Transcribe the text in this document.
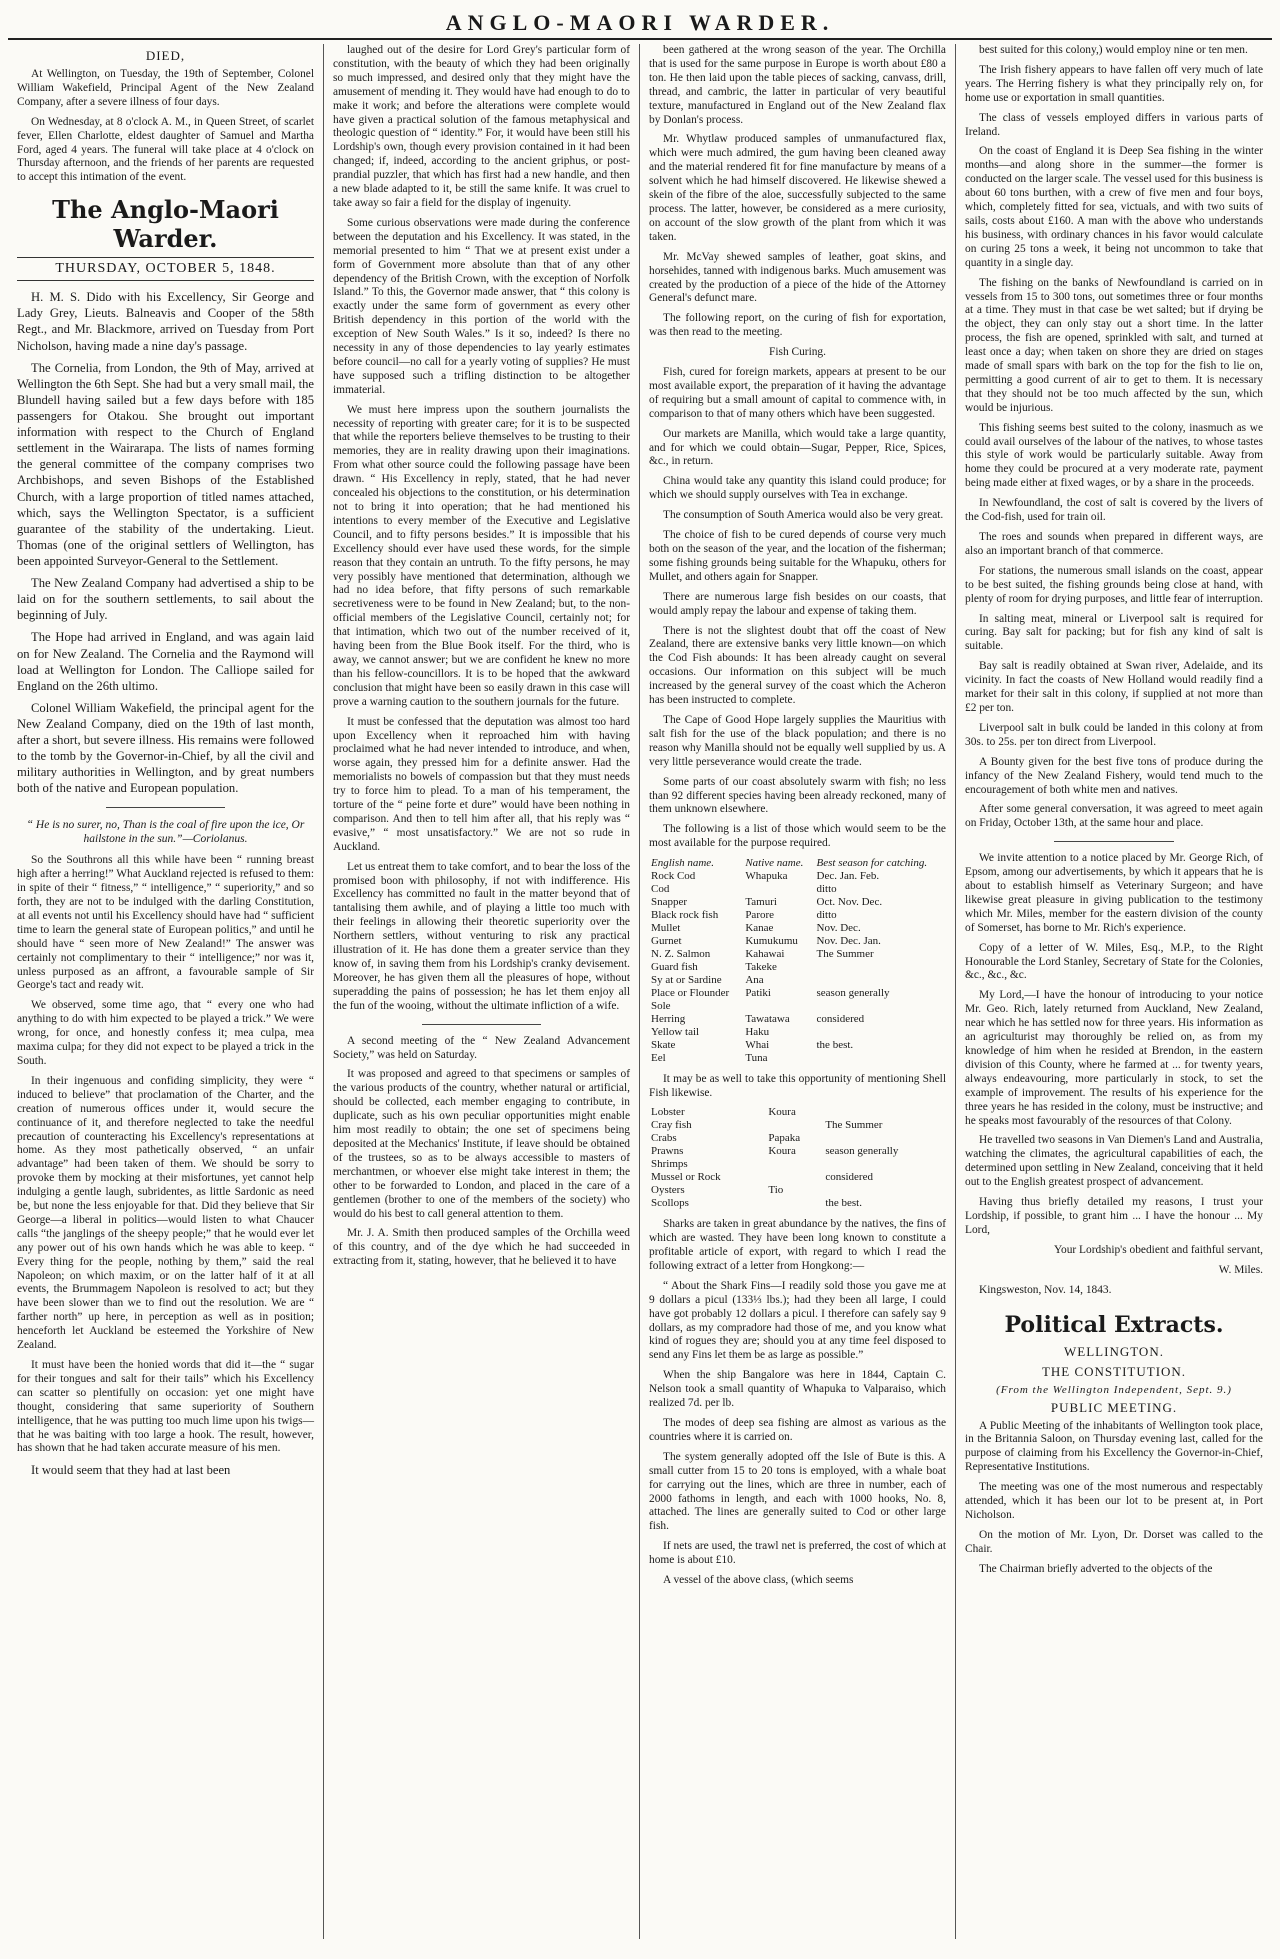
ANGLO-MAORI WARDER.
DIED,

At Wellington, on Tuesday, the 19th of September, Colonel William Wakefield, Principal Agent of the New Zealand Company, after a severe illness of four days.

On Wednesday, at 8 o'clock A. M., in Queen Street, of scarlet fever, Ellen Charlotte, eldest daughter of Samuel and Martha Ford, aged 4 years. The funeral will take place at 4 o'clock on Thursday afternoon, and the friends of her parents are requested to accept this intimation of the event.

The Anglo-Maori Warder.
THURSDAY, OCTOBER 5, 1848.

H. M. S. Dido with his Excellency, Sir George and Lady Grey, Lieuts. Balneavis and Cooper of the 58th Regt., and Mr. Blackmore, arrived on Tuesday from Port Nicholson, having made a nine day's passage.

The Cornelia, from London, the 9th of May, arrived at Wellington the 6th Sept. She had but a very small mail, the Blundell having sailed but a few days before with 185 passengers for Otakou. She brought out important information with respect to the Church of England settlement in the Wairarapa. The lists of names forming the general committee of the company comprises two Archbishops, and seven Bishops of the Established Church, with a large proportion of titled names attached, which, says the Wellington Spectator, is a sufficient guarantee of the stability of the undertaking. Lieut. Thomas (one of the original settlers of Wellington, has been appointed Surveyor-General to the Settlement.

The New Zealand Company had advertised a ship to be laid on for the southern settlements, to sail about the beginning of July.

The Hope had arrived in England, and was again laid on for New Zealand. The Cornelia and the Raymond will load at Wellington for London. The Calliope sailed for England on the 26th ultimo.

Colonel William Wakefield, the principal agent for the New Zealand Company, died on the 19th of last month, after a short, but severe illness. His remains were followed to the tomb by the Governor-in-Chief, by all the civil and military authorities in Wellington, and by great numbers both of the native and European population.

“ He is no surer, no, Than is the coal of fire upon the ice, Or hailstone in the sun.”—Coriolanus.

So the Southrons all this while have been “ running breast high after a herring!” What Auckland rejected is refused to them: in spite of their “ fitness,” “ intelligence,” “ superiority,” and so forth, they are not to be indulged with the darling Constitution, at all events not until his Excellency should have had “ sufficient time to learn the general state of European politics,” and until he should have “ seen more of New Zealand!” The answer was certainly not complimentary to their “ intelligence;” nor was it, unless purposed as an affront, a favourable sample of Sir George's tact and ready wit.

We observed, some time ago, that “ every one who had anything to do with him expected to be played a trick.” We were wrong, for once, and honestly confess it; mea culpa, mea maxima culpa; for they did not expect to be played a trick in the South.

In their ingenuous and confiding simplicity, they were “ induced to believe” that proclamation of the Charter, and the creation of numerous offices under it, would secure the continuance of it, and therefore neglected to take the needful precaution of counteracting his Excellency's representations at home. As they most pathetically observed, “ an unfair advantage” had been taken of them. We should be sorry to provoke them by mocking at their misfortunes, yet cannot help indulging a gentle laugh, subridentes, as little Sardonic as need be, but none the less enjoyable for that. Did they believe that Sir George—a liberal in politics—would listen to what Chaucer calls “the janglings of the sheepy people;” that he would ever let any power out of his own hands which he was able to keep. “ Every thing for the people, nothing by them,” said the real Napoleon; on which maxim, or on the latter half of it at all events, the Brummagem Napoleon is resolved to act; but they have been slower than we to find out the resolution. We are “ farther north” up here, in perception as well as in position; henceforth let Auckland be esteemed the Yorkshire of New Zealand.

It must have been the honied words that did it—the “ sugar for their tongues and salt for their tails” which his Excellency can scatter so plentifully on occasion: yet one might have thought, considering that same superiority of Southern intelligence, that he was putting too much lime upon his twigs—that he was baiting with too large a hook. The result, however, has shown that he had taken accurate measure of his men.

It would seem that they had at last been

laughed out of the desire for Lord Grey's particular form of constitution, with the beauty of which they had been originally so much impressed, and desired only that they might have the amusement of mending it. They would have had enough to do to make it work; and before the alterations were complete would have given a practical solution of the famous metaphysical and theologic question of “ identity.” For, it would have been still his Lordship's own, though every provision contained in it had been changed; if, indeed, according to the ancient griphus, or post-prandial puzzler, that which has first had a new handle, and then a new blade adapted to it, be still the same knife. It was cruel to take away so fair a field for the display of ingenuity.

Some curious observations were made during the conference between the deputation and his Excellency. It was stated, in the memorial presented to him “ That we at present exist under a form of Government more absolute than that of any other dependency of the British Crown, with the exception of Norfolk Island.” To this, the Governor made answer, that “ this colony is exactly under the same form of government as every other British dependency in this portion of the world with the exception of New South Wales.” Is it so, indeed? Is there no necessity in any of those dependencies to lay yearly estimates before council—no call for a yearly voting of supplies? He must have supposed such a trifling distinction to be altogether immaterial.

We must here impress upon the southern journalists the necessity of reporting with greater care; for it is to be suspected that while the reporters believe themselves to be trusting to their memories, they are in reality drawing upon their imaginations. From what other source could the following passage have been drawn. “ His Excellency in reply, stated, that he had never concealed his objections to the constitution, or his determination not to bring it into operation; that he had mentioned his intentions to every member of the Executive and Legislative Council, and to fifty persons besides.” It is impossible that his Excellency should ever have used these words, for the simple reason that they contain an untruth. To the fifty persons, he may very possibly have mentioned that determination, although we had no idea before, that fifty persons of such remarkable secretiveness were to be found in New Zealand; but, to the non-official members of the Legislative Council, certainly not; for that intimation, which two out of the number received of it, having been from the Blue Book itself. For the third, who is away, we cannot answer; but we are confident he knew no more than his fellow-councillors. It is to be hoped that the awkward conclusion that might have been so easily drawn in this case will prove a warning caution to the southern journals for the future.

It must be confessed that the deputation was almost too hard upon Excellency when it reproached him with having proclaimed what he had never intended to introduce, and when, worse again, they pressed him for a definite answer. Had the memorialists no bowels of compassion but that they must needs try to force him to plead. To a man of his temperament, the torture of the “ peine forte et dure” would have been nothing in comparison. And then to tell him after all, that his reply was “ evasive,” “ most unsatisfactory.” We are not so rude in Auckland.

Let us entreat them to take comfort, and to bear the loss of the promised boon with philosophy, if not with indifference. His Excellency has committed no fault in the matter beyond that of tantalising them awhile, and of playing a little too much with their feelings in allowing their theoretic superiority over the Northern settlers, without venturing to risk any practical illustration of it. He has done them a greater service than they know of, in saving them from his Lordship's cranky devisement. Moreover, he has given them all the pleasures of hope, without superadding the pains of possession; he has let them enjoy all the fun of the wooing, without the ultimate infliction of a wife.

A second meeting of the “ New Zealand Advancement Society,” was held on Saturday.

It was proposed and agreed to that specimens or samples of the various products of the country, whether natural or artificial, should be collected, each member engaging to contribute, in duplicate, such as his own peculiar opportunities might enable him most readily to obtain; the one set of specimens being deposited at the Mechanics' Institute, if leave should be obtained of the trustees, so as to be always accessible to masters of merchantmen, or whoever else might take interest in them; the other to be forwarded to London, and placed in the care of a gentlemen (brother to one of the members of the society) who would do his best to call general attention to them.

Mr. J. A. Smith then produced samples of the Orchilla weed of this country, and of the dye which he had succeeded in extracting from it, stating, however, that he believed it to have

been gathered at the wrong season of the year. The Orchilla that is used for the same purpose in Europe is worth about £80 a ton. He then laid upon the table pieces of sacking, canvass, drill, thread, and cambric, the latter in particular of very beautiful texture, manufactured in England out of the New Zealand flax by Donlan's process.

Mr. Whytlaw produced samples of unmanufactured flax, which were much admired, the gum having been cleaned away and the material rendered fit for fine manufacture by means of a solvent which he had himself discovered. He likewise shewed a skein of the fibre of the aloe, successfully subjected to the same process. The latter, however, be considered as a mere curiosity, on account of the slow growth of the plant from which it was taken.

Mr. McVay shewed samples of leather, goat skins, and horsehides, tanned with indigenous barks. Much amusement was created by the production of a piece of the hide of the Attorney General's defunct mare.

The following report, on the curing of fish for exportation, was then read to the meeting.

Fish Curing.

Fish, cured for foreign markets, appears at present to be our most available export, the preparation of it having the advantage of requiring but a small amount of capital to commence with, in comparison to that of many others which have been suggested.

Our markets are Manilla, which would take a large quantity, and for which we could obtain—Sugar, Pepper, Rice, Spices, &c., in return.

China would take any quantity this island could produce; for which we should supply ourselves with Tea in exchange.

The consumption of South America would also be very great.

The choice of fish to be cured depends of course very much both on the season of the year, and the location of the fisherman; some fishing grounds being suitable for the Whapuku, others for Mullet, and others again for Snapper.

There are numerous large fish besides on our coasts, that would amply repay the labour and expense of taking them.

There is not the slightest doubt that off the coast of New Zealand, there are extensive banks very little known—on which the Cod Fish abounds: It has been already caught on several occasions. Our information on this subject will be much increased by the general survey of the coast which the Acheron has been instructed to complete.

The Cape of Good Hope largely supplies the Mauritius with salt fish for the use of the black population; and there is no reason why Manilla should not be equally well supplied by us. A very little perseverance would create the trade.

Some parts of our coast absolutely swarm with fish; no less than 92 different species having been already reckoned, many of them unknown elsewhere.

The following is a list of those which would seem to be the most available for the purpose required.

English name.	Native name.	Best season for catching.
Rock Cod	Whapuka	Dec. Jan. Feb.
Cod		ditto
Snapper	Tamuri	Oct. Nov. Dec.
Black rock fish	Parore	ditto
Mullet	Kanae	Nov. Dec.
Gurnet	Kumukumu	Nov. Dec. Jan.
N. Z. Salmon	Kahawai	The Summer
Guard fish	Takeke	
Sy at or Sardine	Ana	
Place or Flounder	Patiki	season generally
Sole		
Herring	Tawatawa	considered
Yellow tail	Haku	
Skate	Whai	the best.
Eel	Tuna	

It may be as well to take this opportunity of mentioning Shell Fish likewise.

Lobster	Koura	
Cray fish		The Summer
Crabs	Papaka	
Prawns	Koura	season generally
Shrimps		
Mussel or Rock		considered
Oysters	Tio	
Scollops		the best.

Sharks are taken in great abundance by the natives, the fins of which are wasted. They have been long known to constitute a profitable article of export, with regard to which I read the following extract of a letter from Hongkong:—

“ About the Shark Fins—I readily sold those you gave me at 9 dollars a picul (133⅓ lbs.); had they been all large, I could have got probably 12 dollars a picul. I therefore can safely say 9 dollars, as my compradore had those of me, and you know what kind of rogues they are; should you at any time feel disposed to send any Fins let them be as large as possible.”

When the ship Bangalore was here in 1844, Captain C. Nelson took a small quantity of Whapuka to Valparaiso, which realized 7d. per lb.

The modes of deep sea fishing are almost as various as the countries where it is carried on.

The system generally adopted off the Isle of Bute is this. A small cutter from 15 to 20 tons is employed, with a whale boat for carrying out the lines, which are three in number, each of 2000 fathoms in length, and each with 1000 hooks, No. 8, attached. The lines are generally suited to Cod or other large fish.

If nets are used, the trawl net is preferred, the cost of which at home is about £10.

A vessel of the above class, (which seems

best suited for this colony,) would employ nine or ten men.

The Irish fishery appears to have fallen off very much of late years. The Herring fishery is what they principally rely on, for home use or exportation in small quantities.

The class of vessels employed differs in various parts of Ireland.

On the coast of England it is Deep Sea fishing in the winter months—and along shore in the summer—the former is conducted on the larger scale. The vessel used for this business is about 60 tons burthen, with a crew of five men and four boys, which, completely fitted for sea, victuals, and with two suits of sails, costs about £160. A man with the above who understands his business, with ordinary chances in his favor would calculate on curing 25 tons a week, it being not uncommon to take that quantity in a single day.

The fishing on the banks of Newfoundland is carried on in vessels from 15 to 300 tons, out sometimes three or four months at a time. They must in that case be wet salted; but if drying be the object, they can only stay out a short time. In the latter process, the fish are opened, sprinkled with salt, and turned at least once a day; when taken on shore they are dried on stages made of small spars with bark on the top for the fish to lie on, permitting a good current of air to get to them. It is necessary that they should not be too much affected by the sun, which would be injurious.

This fishing seems best suited to the colony, inasmuch as we could avail ourselves of the labour of the natives, to whose tastes this style of work would be particularly suitable. Away from home they could be procured at a very moderate rate, payment being made either at fixed wages, or by a share in the proceeds.

In Newfoundland, the cost of salt is covered by the livers of the Cod-fish, used for train oil.

The roes and sounds when prepared in different ways, are also an important branch of that commerce.

For stations, the numerous small islands on the coast, appear to be best suited, the fishing grounds being close at hand, with plenty of room for drying purposes, and little fear of interruption.

In salting meat, mineral or Liverpool salt is required for curing. Bay salt for packing; but for fish any kind of salt is suitable.

Bay salt is readily obtained at Swan river, Adelaide, and its vicinity. In fact the coasts of New Holland would readily find a market for their salt in this colony, if supplied at not more than £2 per ton.

Liverpool salt in bulk could be landed in this colony at from 30s. to 25s. per ton direct from Liverpool.

A Bounty given for the best five tons of produce during the infancy of the New Zealand Fishery, would tend much to the encouragement of both white men and natives.

After some general conversation, it was agreed to meet again on Friday, October 13th, at the same hour and place.

We invite attention to a notice placed by Mr. George Rich, of Epsom, among our advertisements, by which it appears that he is about to establish himself as Veterinary Surgeon; and have likewise great pleasure in giving publication to the testimony which Mr. Miles, member for the eastern division of the county of Somerset, has borne to Mr. Rich's experience.

Copy of a letter of W. Miles, Esq., M.P., to the Right Honourable the Lord Stanley, Secretary of State for the Colonies, &c., &c., &c.

My Lord,—I have the honour of introducing to your notice Mr. Geo. Rich, lately returned from Auckland, New Zealand, near which he has settled now for three years. His information as an agriculturist may thoroughly be relied on, as from my knowledge of him when he resided at Brendon, in the eastern division of this County, where he farmed at ... for twenty years, always endeavouring, more particularly in stock, to set the example of improvement. The results of his experience for the three years he has resided in the colony, must be instructive; and he speaks most favourably of the resources of that Colony.

He travelled two seasons in Van Diemen's Land and Australia, watching the climates, the agricultural capabilities of each, the determined upon settling in New Zealand, conceiving that it held out to the English greatest prospect of advancement.

Having thus briefly detailed my reasons, I trust your Lordship, if possible, to grant him ... I have the honour ... My Lord,

Your Lordship's obedient and faithful servant,

W. Miles.

Kingsweston, Nov. 14, 1843.

Political Extracts.
WELLINGTON.
THE CONSTITUTION.
(From the Wellington Independent, Sept. 9.)
PUBLIC MEETING.

A Public Meeting of the inhabitants of Wellington took place, in the Britannia Saloon, on Thursday evening last, called for the purpose of claiming from his Excellency the Governor-in-Chief, Representative Institutions.

The meeting was one of the most numerous and respectably attended, which it has been our lot to be present at, in Port Nicholson.

On the motion of Mr. Lyon, Dr. Dorset was called to the Chair.

The Chairman briefly adverted to the objects of the
